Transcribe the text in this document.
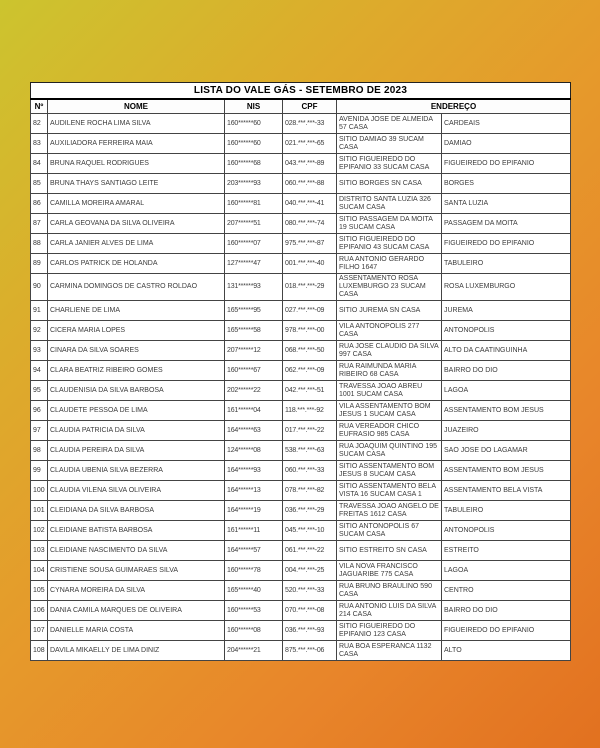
LISTA DO VALE GÁS - SETEMBRO DE 2023					
Nº	NOME	NIS	CPF	ENDEREÇO	
82	AUDILENE ROCHA LIMA SILVA	160******60	028.***.***-33	AVENIDA JOSE DE ALMEIDA 57 CASA	CARDEAIS
83	AUXILIADORA FERREIRA MAIA	160******60	021.***.***-65	SITIO DAMIAO 39 SUCAM CASA	DAMIAO
84	BRUNA RAQUEL RODRIGUES	160******68	043.***.***-89	SITIO FIGUEIREDO DO EPIFANIO 33 SUCAM CASA	FIGUEIREDO DO EPIFANIO
85	BRUNA THAYS SANTIAGO LEITE	203******93	060.***.***-88	SITIO BORGES SN CASA	BORGES
86	CAMILLA MOREIRA AMARAL	160******81	040.***.***-41	DISTRITO SANTA LUZIA 326 SUCAM CASA	SANTA LUZIA
87	CARLA GEOVANA DA SILVA OLIVEIRA	207******51	080.***.***-74	SITIO PASSAGEM DA MOITA 19 SUCAM CASA	PASSAGEM DA MOITA
88	CARLA JANIER ALVES DE LIMA	160******07	975.***.***-87	SITIO FIGUEIREDO DO EPIFANIO 43 SUCAM CASA	FIGUEIREDO DO EPIFANIO
89	CARLOS PATRICK DE HOLANDA	127******47	001.***.***-40	RUA ANTONIO GERARDO FILHO 1647	TABULEIRO
90	CARMINA DOMINGOS DE CASTRO ROLDAO	131******93	018.***.***-29	ASSENTAMENTO ROSA LUXEMBURGO 23 SUCAM CASA	ROSA LUXEMBURGO
91	CHARLIENE DE LIMA	165******95	027.***.***-09	SITIO JUREMA SN CASA	JUREMA
92	CICERA MARIA LOPES	165******58	978.***.***-00	VILA ANTONOPOLIS 277 CASA	ANTONOPOLIS
93	CINARA DA SILVA SOARES	207******12	068.***.***-50	RUA JOSE CLAUDIO DA SILVA 997 CASA	ALTO DA CAATINGUINHA
94	CLARA BEATRIZ RIBEIRO GOMES	160******67	062.***.***-09	RUA RAIMUNDA MARIA RIBEIRO 68 CASA	BAIRRO DO DIO
95	CLAUDENISIA DA SILVA BARBOSA	202******22	042.***.***-51	TRAVESSA JOAO ABREU 1001 SUCAM CASA	LAGOA
96	CLAUDETE PESSOA DE LIMA	161******04	118.***.***-92	VILA ASSENTAMENTO BOM JESUS 1 SUCAM CASA	ASSENTAMENTO BOM JESUS
97	CLAUDIA PATRICIA DA SILVA	164******63	017.***.***-22	RUA VEREADOR CHICO EUFRASIO 985 CASA	JUAZEIRO
98	CLAUDIA PEREIRA DA SILVA	124******08	538.***.***-63	RUA JOAQUIM QUINTINO 195 SUCAM CASA	SAO JOSE DO LAGAMAR
99	CLAUDIA UBENIA SILVA BEZERRA	164******93	060.***.***-33	SITIO ASSENTAMENTO BOM JESUS 8 SUCAM CASA	ASSENTAMENTO BOM JESUS
100	CLAUDIA VILENA SILVA OLIVEIRA	164******13	078.***.***-82	SITIO ASSENTAMENTO BELA VISTA 16 SUCAM CASA 1	ASSENTAMENTO BELA VISTA
101	CLEIDIANA DA SILVA BARBOSA	164******19	036.***.***-29	TRAVESSA JOAO ANGELO DE FREITAS 1612 CASA	TABULEIRO
102	CLEIDIANE BATISTA BARBOSA	161******11	045.***.***-10	SITIO ANTONOPOLIS 67 SUCAM CASA	ANTONOPOLIS
103	CLEIDIANE NASCIMENTO DA SILVA	164******57	061.***.***-22	SITIO ESTREITO SN CASA	ESTREITO
104	CRISTIENE SOUSA GUIMARAES SILVA	160******78	004.***.***-25	VILA NOVA FRANCISCO JAGUARIBE 775 CASA	LAGOA
105	CYNARA MOREIRA DA SILVA	165******40	520.***.***-33	RUA BRUNO BRAULINO 590 CASA	CENTRO
106	DANIA CAMILA MARQUES DE OLIVEIRA	160******53	070.***.***-08	RUA ANTONIO LUIS DA SILVA 214 CASA	BAIRRO DO DIO
107	DANIELLE MARIA COSTA	160******08	036.***.***-93	SITIO FIGUEIREDO DO EPIFANIO 123 CASA	FIGUEIREDO DO EPIFANIO
108	DAVILA MIKAELLY DE LIMA DINIZ	204******21	875.***.***-06	RUA BOA ESPERANCA 1132 CASA	ALTO
